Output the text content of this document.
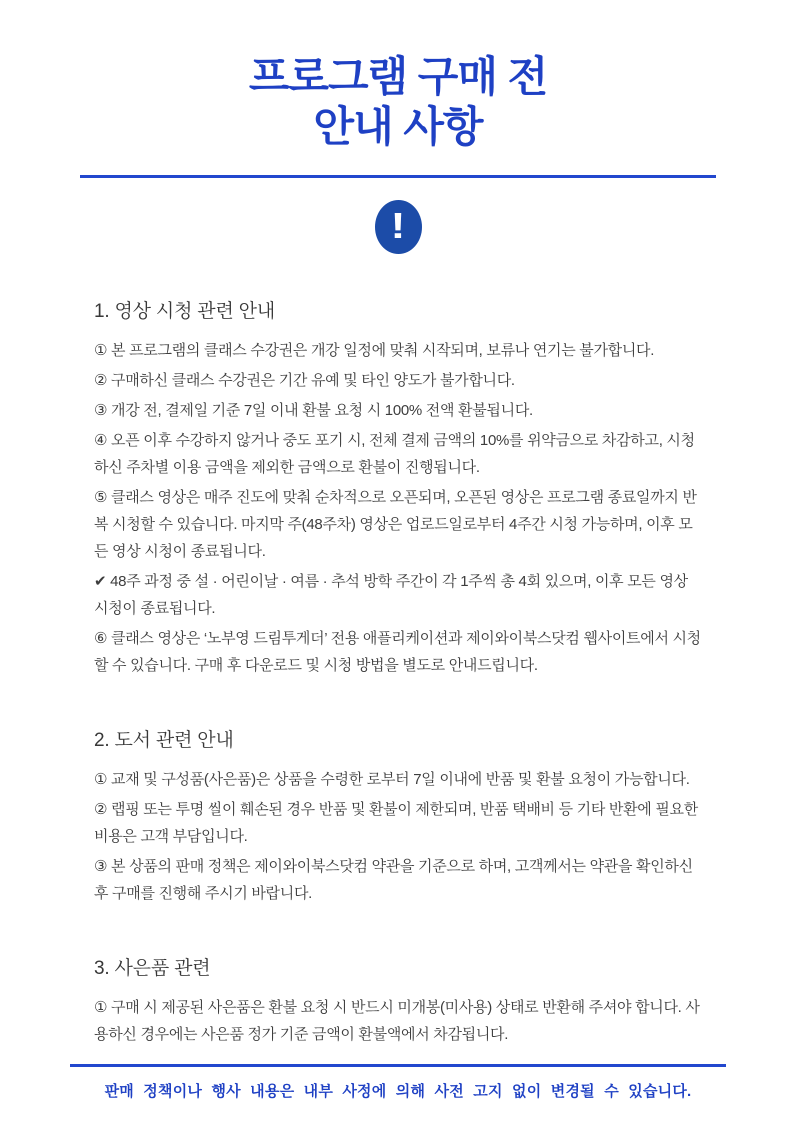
프로그램 구매 전
안내 사항
!
1. 영상 시청 관련 안내

① 본 프로그램의 클래스 수강권은 개강 일정에 맞춰 시작되며, 보류나 연기는 불가합니다.

② 구매하신 클래스 수강권은 기간 유예 및 타인 양도가 불가합니다.

③ 개강 전, 결제일 기준 7일 이내 환불 요청 시 100% 전액 환불됩니다.

④ 오픈 이후 수강하지 않거나 중도 포기 시, 전체 결제 금액의 10%를 위약금으로 차감하고, 시청하신 주차별 이용 금액을 제외한 금액으로 환불이 진행됩니다.

⑤ 클래스 영상은 매주 진도에 맞춰 순차적으로 오픈되며, 오픈된 영상은 프로그램 종료일까지 반복 시청할 수 있습니다. 마지막 주(48주차) 영상은 업로드일로부터 4주간 시청 가능하며, 이후 모든 영상 시청이 종료됩니다.

✔ 48주 과정 중 설 · 어린이날 · 여름 · 추석 방학 주간이 각 1주씩 총 4회 있으며, 이후 모든 영상 시청이 종료됩니다.

⑥ 클래스 영상은 ‘노부영 드림투게더’ 전용 애플리케이션과 제이와이북스닷컴 웹사이트에서 시청할 수 있습니다. 구매 후 다운로드 및 시청 방법을 별도로 안내드립니다.

2. 도서 관련 안내

① 교재 및 구성품(사은품)은 상품을 수령한 로부터 7일 이내에 반품 및 환불 요청이 가능합니다.

② 랩핑 또는 투명 씰이 훼손된 경우 반품 및 환불이 제한되며, 반품 택배비 등 기타 반환에 필요한 비용은 고객 부담입니다.

③ 본 상품의 판매 정책은 제이와이북스닷컴 약관을 기준으로 하며, 고객께서는 약관을 확인하신 후 구매를 진행해 주시기 바랍니다.

3. 사은품 관련

① 구매 시 제공된 사은품은 환불 요청 시 반드시 미개봉(미사용) 상태로 반환해 주셔야 합니다. 사용하신 경우에는 사은품 정가 기준 금액이 환불액에서 차감됩니다.

판매 정책이나 행사 내용은 내부 사정에 의해 사전 고지 없이 변경될 수 있습니다.
